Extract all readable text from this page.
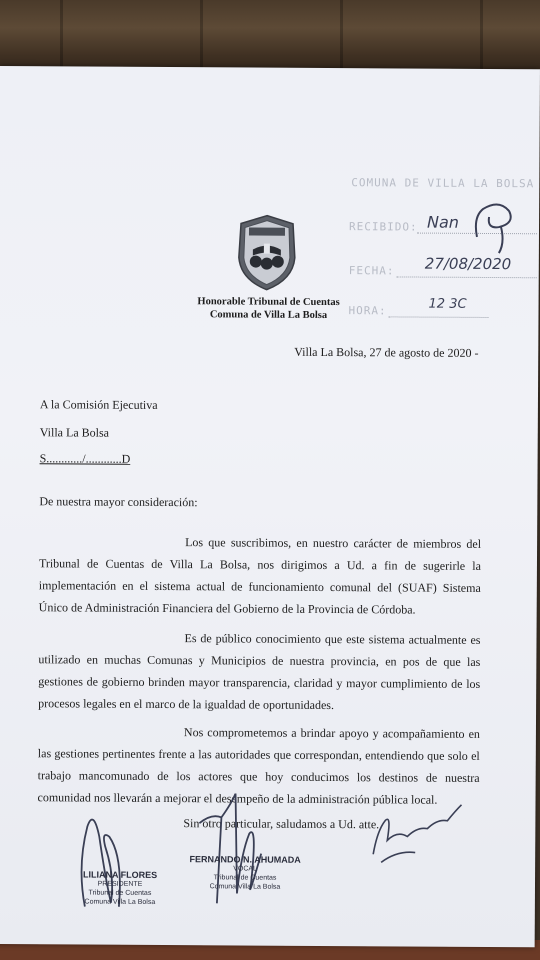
Honorable Tribunal de Cuentas
Comuna de Villa La Bolsa
COMUNA DE VILLA LA BOLSA
RECIBIDO: Nan
FECHA: 27/08/2020
HORA:	12 3C
Villa La Bolsa, 27 de agosto de 2020 -
A la Comisión Ejecutiva
Villa La Bolsa
S............/............D
De nuestra mayor consideración:
Los que suscribimos, en nuestro carácter de miembros del Tribunal de Cuentas de Villa La Bolsa, nos dirigimos a Ud. a fin de sugerirle la implementación en el sistema actual de funcionamiento comunal del (SUAF) Sistema Único de Administración Financiera del Gobierno de la Provincia de Córdoba.
Es de público conocimiento que este sistema actualmente es utilizado en muchas Comunas y Municipios de nuestra provincia, en pos de que las gestiones de gobierno brinden mayor transparencia, claridad y mayor cumplimiento de los procesos legales en el marco de la igualdad de oportunidades.
Nos comprometemos a brindar apoyo y acompañamiento en las gestiones pertinentes frente a las autoridades que correspondan, entendiendo que solo el trabajo mancomunado de los actores que hoy conducimos los destinos de nuestra comunidad nos llevarán a mejorar el desempeño de la administración pública local.
Sin otro particular, saludamos a Ud. atte.
LILIANA FLORES
PRESIDENTE
Tribunal de Cuentas
Comuna Villa La Bolsa
FERNANDO N. AHUMADA
VOCAL
Tribunal de Cuentas
Comuna Villa La Bolsa
